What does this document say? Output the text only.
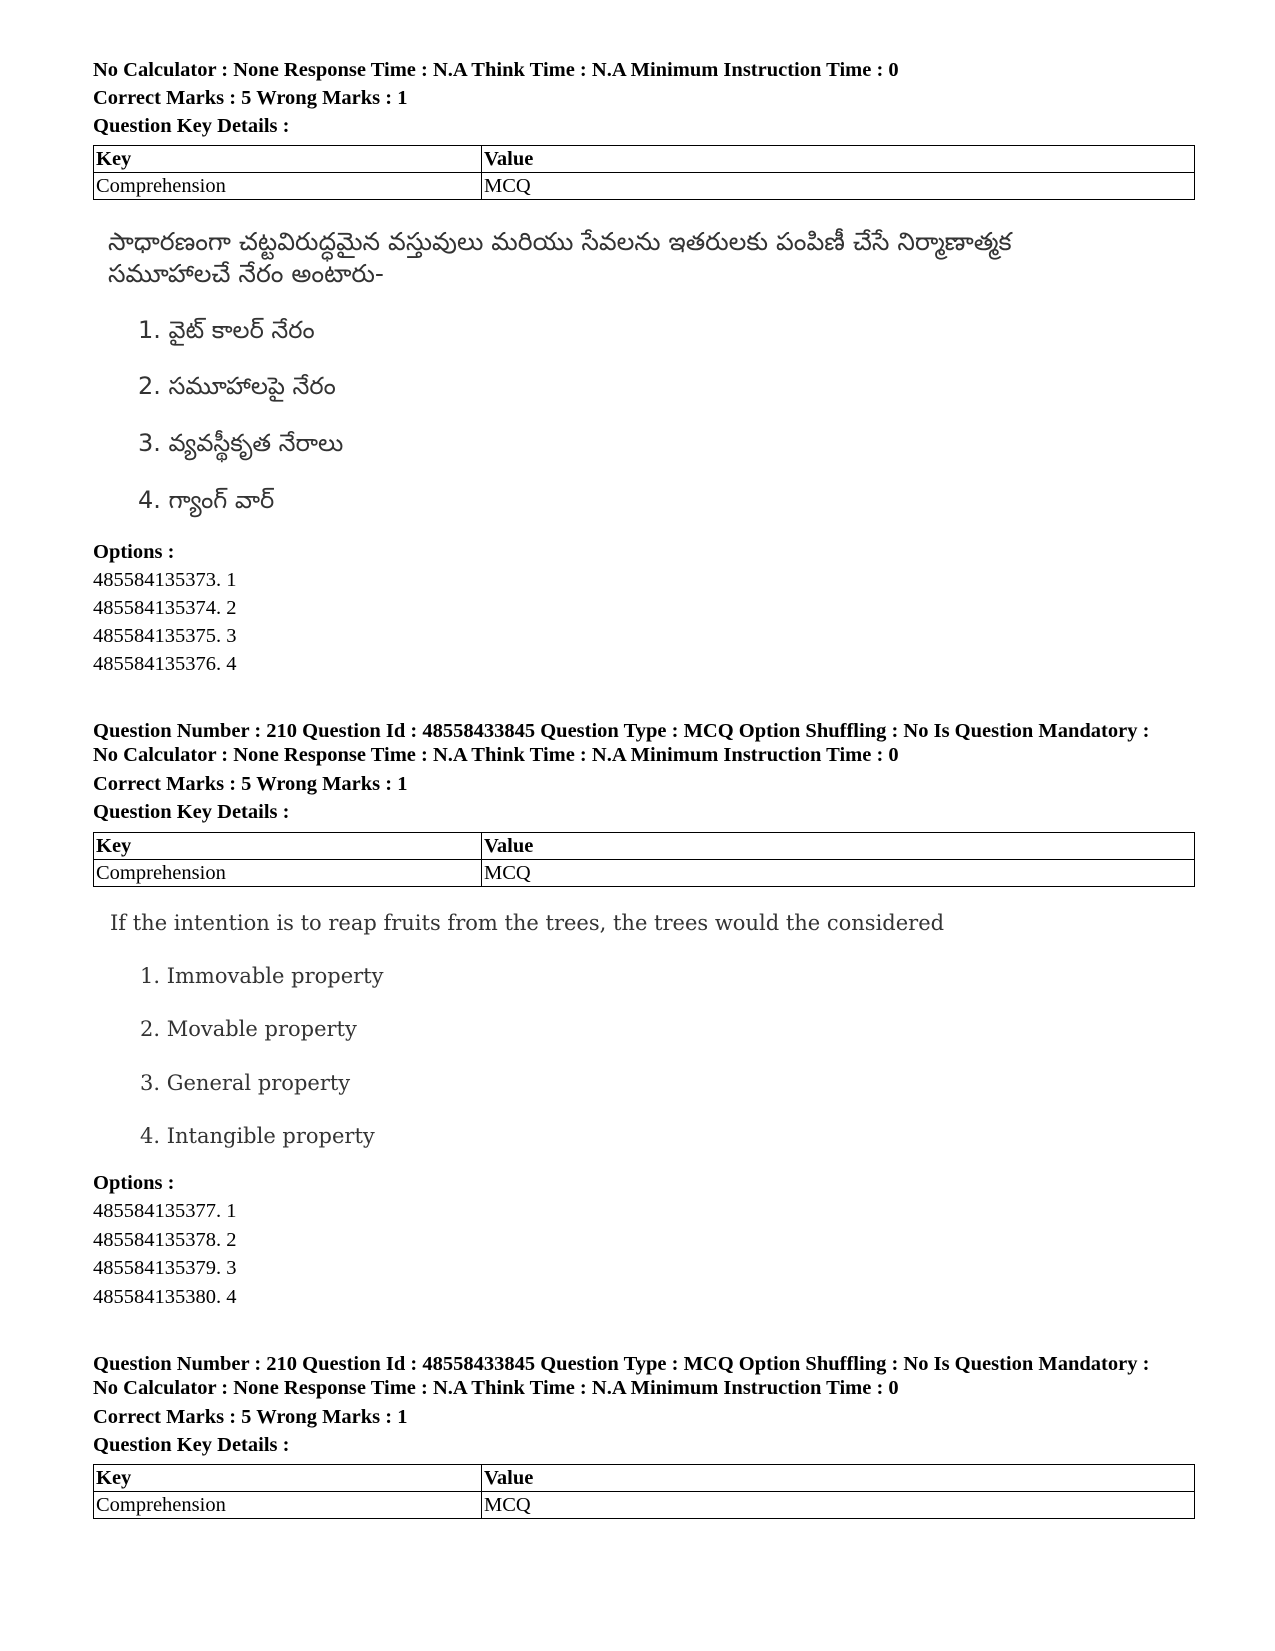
No Calculator : None Response Time : N.A Think Time : N.A Minimum Instruction Time : 0
Correct Marks : 5 Wrong Marks : 1
Question Key Details :
Key	Value
Comprehension	MCQ
సాధారణంగా చట్టవిరుద్ధమైన వస్తువులు మరియు సేవలను ఇతరులకు పంపిణీ చేసే నిర్మాణాత్మక
సమూహాలచే నేరం అంటారు-
1. వైట్ కాలర్ నేరం
2. సమూహాలపై నేరం
3. వ్యవస్థీకృత నేరాలు
4. గ్యాంగ్ వార్
Options :
485584135373. 1
485584135374. 2
485584135375. 3
485584135376. 4
Question Number : 210 Question Id : 48558433845 Question Type : MCQ Option Shuffling : No Is Question Mandatory :
No Calculator : None Response Time : N.A Think Time : N.A Minimum Instruction Time : 0
Correct Marks : 5 Wrong Marks : 1
Question Key Details :
Key	Value
Comprehension	MCQ
If the intention is to reap fruits from the trees, the trees would the considered
1. Immovable property
2. Movable property
3. General property
4. Intangible property
Options :
485584135377. 1
485584135378. 2
485584135379. 3
485584135380. 4
Question Number : 210 Question Id : 48558433845 Question Type : MCQ Option Shuffling : No Is Question Mandatory :
No Calculator : None Response Time : N.A Think Time : N.A Minimum Instruction Time : 0
Correct Marks : 5 Wrong Marks : 1
Question Key Details :
Key	Value
Comprehension	MCQ
